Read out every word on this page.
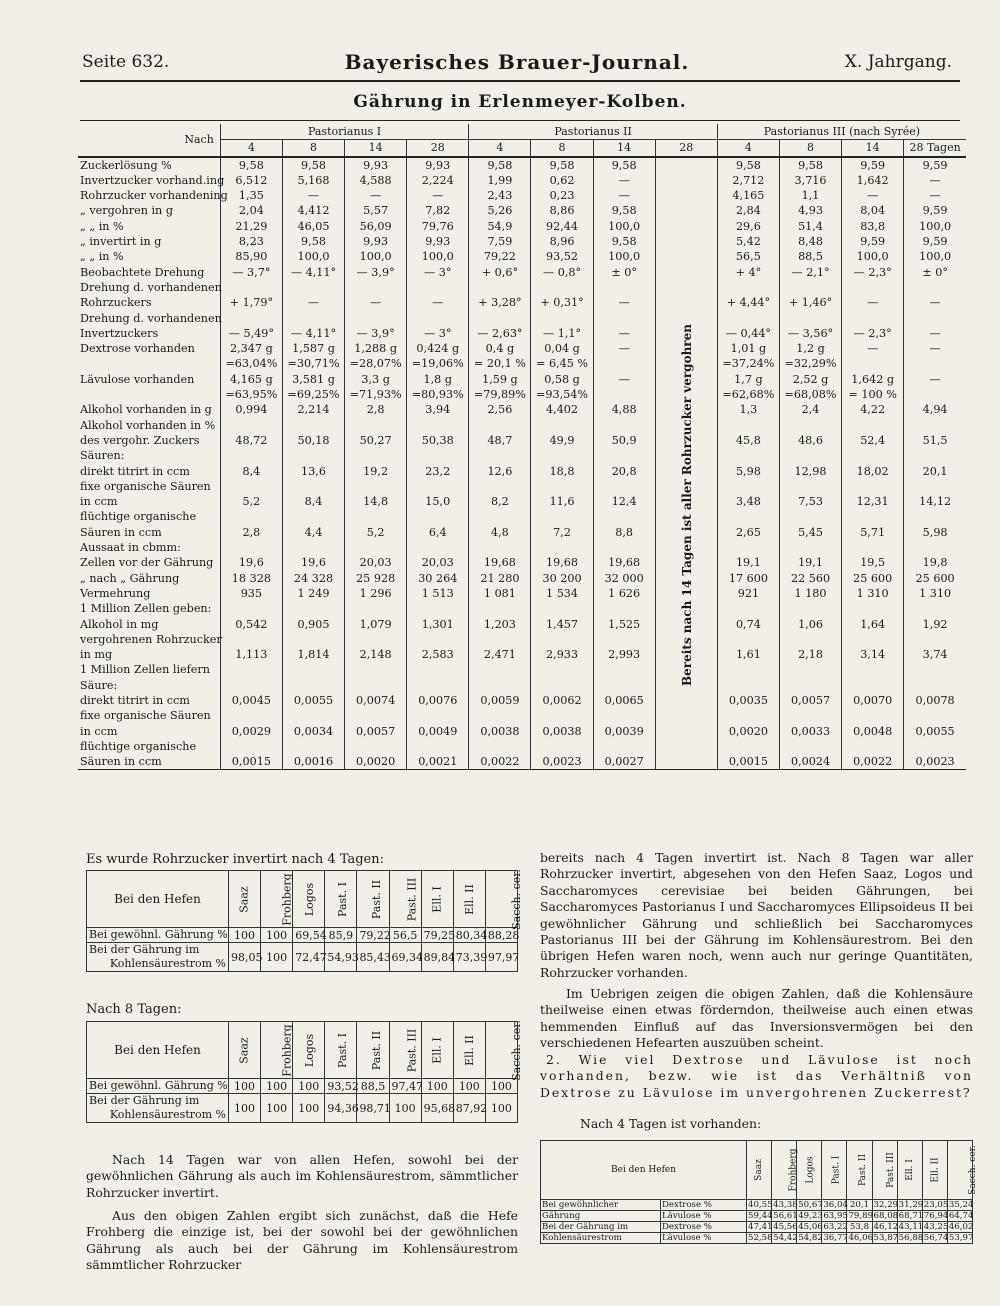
Seite 632.	Bayerisches Brauer-Journal.	X. Jahrgang.
Gährung in Erlenmeyer-Kolben.
Nach	Pastorianus I				Pastorianus II				Pastorianus III (nach Syrée)			
	4	8	14	28	4	8	14	28	4	8	14	28 Tagen
Zuckerlösung %	9,58	9,58	9,93	9,93	9,58	9,58	9,58		9,58	9,58	9,59	9,59
Invertzucker vorhand.ing	6,512	5,168	4,588	2,224	1,99	0,62	—		2,712	3,716	1,642	—
Rohrzucker vorhandening	1,35	—	—	—	2,43	0,23	—		4,165	1,1	—	—
„ vergohren in g	2,04	4,412	5,57	7,82	5,26	8,86	9,58		2,84	4,93	8,04	9,59
„ „ in %	21,29	46,05	56,09	79,76	54,9	92,44	100,0		29,6	51,4	83,8	100,0
„ invertirt in g	8,23	9,58	9,93	9,93	7,59	8,96	9,58		5,42	8,48	9,59	9,59
„ „ in %	85,90	100,0	100,0	100,0	79,22	93,52	100,0		56,5	88,5	100,0	100,0
Beobachtete Drehung	— 3,7°	— 4,11°	— 3,9°	— 3°	+ 0,6°	— 0,8°	± 0°		+ 4°	— 2,1°	— 2,3°	± 0°
Drehung d. vorhandenen												
Rohrzuckers	+ 1,79°	—	—	—	+ 3,28°	+ 0,31°	—		+ 4,44°	+ 1,46°	—	—
Drehung d. vorhandenen												
Invertzuckers	— 5,49°	— 4,11°	— 3,9°	— 3°	— 2,63°	— 1,1°	—		— 0,44°	— 3,56°	— 2,3°	—
Dextrose vorhanden	2,347 g	1,587 g	1,288 g	0,424 g	0,4 g	0,04 g	—		1,01 g	1,2 g	—	—
	=63,04%	=30,71%	=28,07%	=19,06%	= 20,1 %	= 6,45 %			=37,24%	=32,29%		
Lävulose vorhanden	4,165 g	3,581 g	3,3 g	1,8 g	1,59 g	0,58 g	—		1,7 g	2,52 g	1,642 g	—
	=63,95%	=69,25%	=71,93%	=80,93%	=79,89%	=93,54%			=62,68%	=68,08%	= 100 %	
Alkohol vorhanden in g	0,994	2,214	2,8	3,94	2,56	4,402	4,88		1,3	2,4	4,22	4,94
Alkohol vorhanden in %												
des vergohr. Zuckers	48,72	50,18	50,27	50,38	48,7	49,9	50,9		45,8	48,6	52,4	51,5
Säuren:												
direkt titrirt in ccm	8,4	13,6	19,2	23,2	12,6	18,8	20,8		5,98	12,98	18,02	20,1
fixe organische Säuren												
in ccm	5,2	8,4	14,8	15,0	8,2	11,6	12,4		3,48	7,53	12,31	14,12
flüchtige organische												
Säuren in ccm	2,8	4,4	5,2	6,4	4,8	7,2	8,8		2,65	5,45	5,71	5,98
Aussaat in cbmm:												
Zellen vor der Gährung	19,6	19,6	20,03	20,03	19,68	19,68	19,68		19,1	19,1	19,5	19,8
„ nach „ Gährung	18 328	24 328	25 928	30 264	21 280	30 200	32 000		17 600	22 560	25 600	25 600
Vermehrung	935	1 249	1 296	1 513	1 081	1 534	1 626		921	1 180	1 310	1 310
1 Million Zellen geben:												
Alkohol in mg	0,542	0,905	1,079	1,301	1,203	1,457	1,525		0,74	1,06	1,64	1,92
vergohrenen Rohrzucker												
in mg	1,113	1,814	2,148	2,583	2,471	2,933	2,993		1,61	2,18	3,14	3,74
1 Million Zellen liefern												
Säure:												
direkt titrirt in ccm	0,0045	0,0055	0,0074	0,0076	0,0059	0,0062	0,0065		0,0035	0,0057	0,0070	0,0078
fixe organische Säuren												
in ccm	0,0029	0,0034	0,0057	0,0049	0,0038	0,0038	0,0039		0,0020	0,0033	0,0048	0,0055
flüchtige organische												
Säuren in ccm	0,0015	0,0016	0,0020	0,0021	0,0022	0,0023	0,0027		0,0015	0,0024	0,0022	0,0023
Bereits nach 14 Tagen ist aller Rohrzucker vergohren
Es wurde Rohrzucker invertirt nach 4 Tagen:
Bei den Hefen	Saaz	Frohberg	Logos	Past. I	Past. II	Past. III	Ell. I	Ell. II	Sacch. cer.

Bei gewöhnl. Gährung %	100	100	69,54	85,9	79,22	56,5	79,25	80,34	88,28

Bei der Gährung im
Kohlensäurestrom %	98,05	100	72,47	54,93	85,43	69,34	89,84	73,39	97,97
Nach 8 Tagen:
Bei den Hefen	Saaz	Frohberg	Logos	Past. I	Past. II	Past. III	Ell. I	Ell. II	Sacch. cer.

Bei gewöhnl. Gährung %	100	100	100	93,52	88,5	97,47	100	100	100

Bei der Gährung im
Kohlensäurestrom %	100	100	100	94,36	98,71	100	95,68	87,92	100
Nach 14 Tagen war von allen Hefen, sowohl bei der gewöhnlichen Gährung als auch im Kohlensäurestrom, sämmtlicher Rohrzucker invertirt.
Aus den obigen Zahlen ergibt sich zunächst, daß die Hefe Frohberg die einzige ist, bei der sowohl bei der gewöhnlichen Gährung als auch bei der Gährung im Kohlensäurestrom sämmtlicher Rohrzucker
bereits nach 4 Tagen invertirt ist. Nach 8 Tagen war aller Rohrzucker invertirt, abgesehen von den Hefen Saaz, Logos und Saccharomyces cerevisiae bei beiden Gährungen, bei Saccharomyces Pastorianus I und Saccharomyces Ellipsoideus II bei gewöhnlicher Gährung und schließlich bei Saccharomyces Pastorianus III bei der Gährung im Kohlensäurestrom. Bei den übrigen Hefen waren noch, wenn auch nur geringe Quantitäten, Rohrzucker vorhanden.
Im Uebrigen zeigen die obigen Zahlen, daß die Kohlensäure theilweise einen etwas förderndon, theilweise auch einen etwas hemmenden Einfluß auf das Inversionsvermögen bei den verschiedenen Hefearten auszuüben scheint.
2. Wie viel Dextrose und Lävulose ist noch vorhanden, bezw. wie ist das Verhältniß von Dextrose zu Lävulose im unvergohrenen Zuckerrest?
Nach 4 Tagen ist vorhanden:
Bei den Hefen		Saaz	Frohberg	Logos	Past. I	Past. II	Past. III	Ell. I	Ell. II	Sacch. cer.
Bei gewöhnlicher	Dextrose %	40,55	43,38	50,67	36,04	20,1	32,29	31,29	23,05	35,24
Gährung	Lävulose %	59,44	56,61	49,23	63,95	79,89	68,08	68,71	76,94	64,74
Bei der Gährung im	Dextrose %	47,41	45,56	45,06	63,22	53,8	46,12	43,11	43,25	46,02
Kohlensäurestrom	Lävulose %	52,58	54,42	54,82	36,77	46,06	53,87	56,88	56,74	53,97
